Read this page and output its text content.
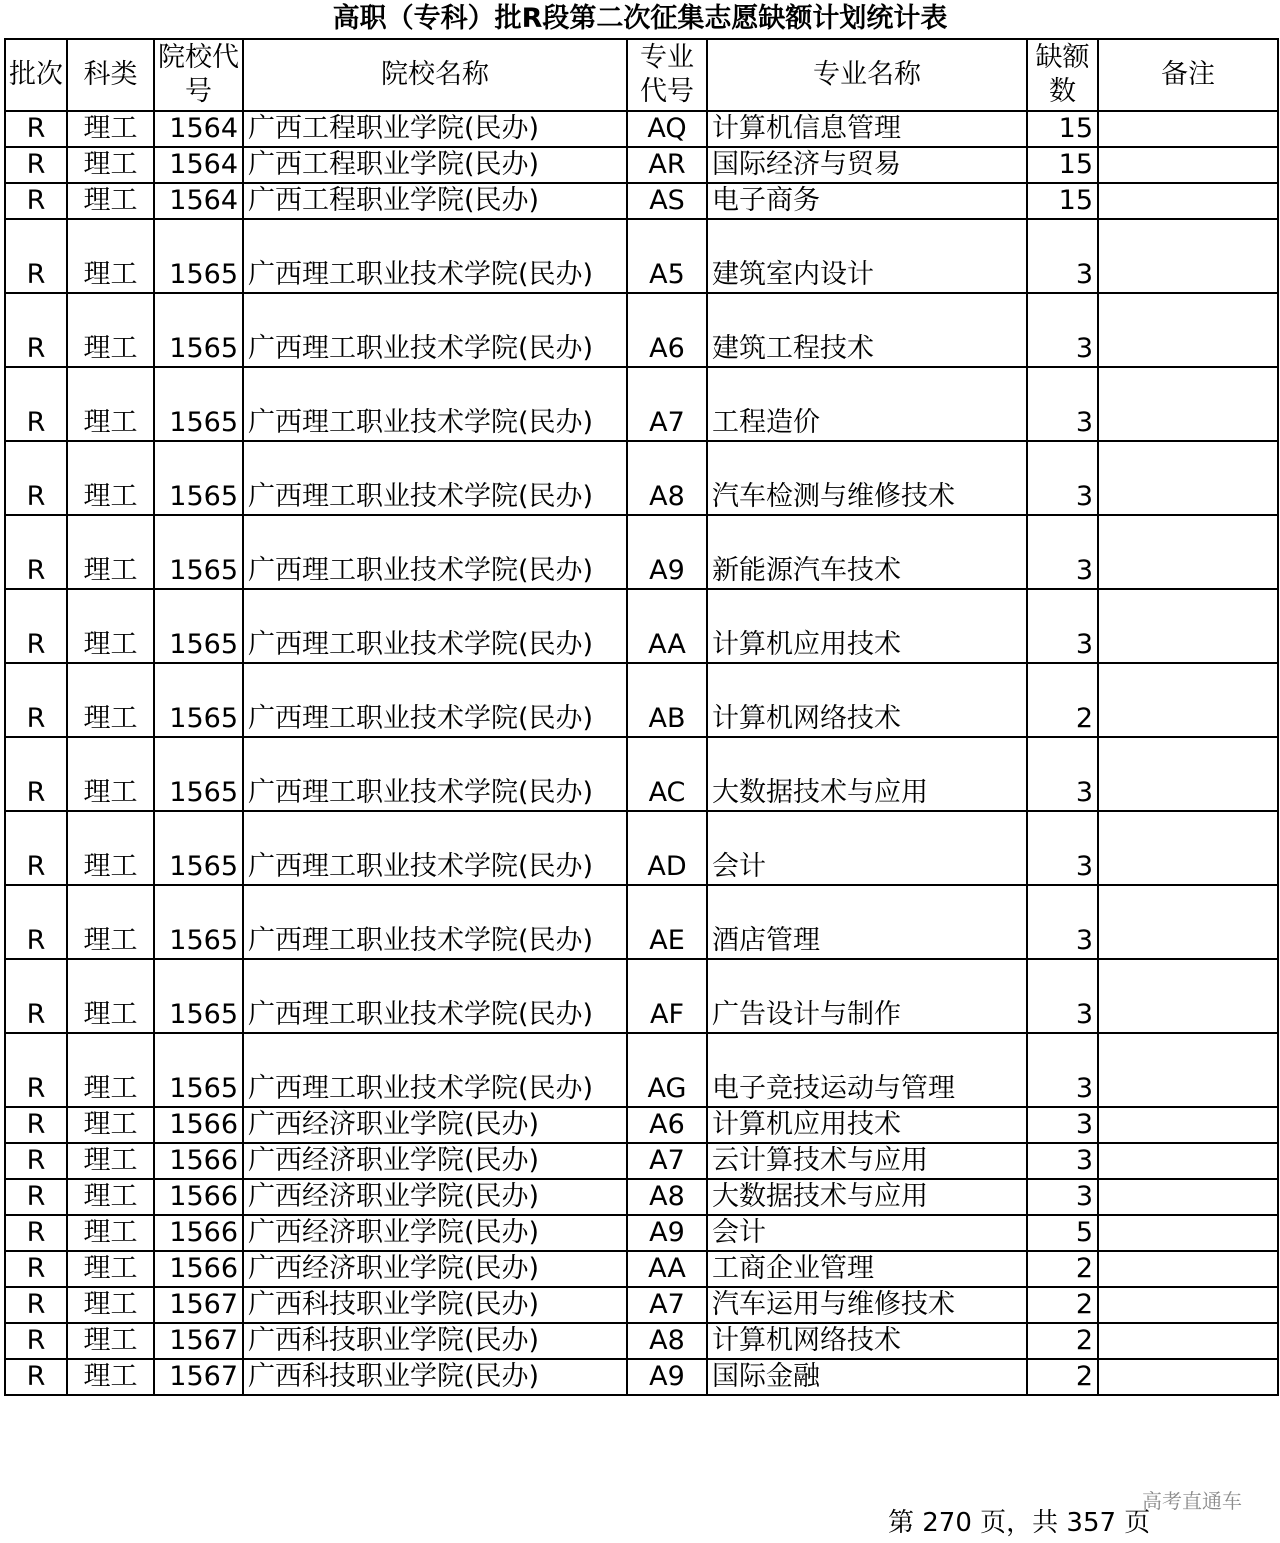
高职（专科）批R段第二次征集志愿缺额计划统计表
批次	科类	院校代号	院校名称	专业代号	专业名称	缺额数	备注
R	理工	1564	广西工程职业学院(民办)	AQ	计算机信息管理	15	
R	理工	1564	广西工程职业学院(民办)	AR	国际经济与贸易	15	
R	理工	1564	广西工程职业学院(民办)	AS	电子商务	15	
R	理工	1565	广西理工职业技术学院(民办)	A5	建筑室内设计	3	
R	理工	1565	广西理工职业技术学院(民办)	A6	建筑工程技术	3	
R	理工	1565	广西理工职业技术学院(民办)	A7	工程造价	3	
R	理工	1565	广西理工职业技术学院(民办)	A8	汽车检测与维修技术	3	
R	理工	1565	广西理工职业技术学院(民办)	A9	新能源汽车技术	3	
R	理工	1565	广西理工职业技术学院(民办)	AA	计算机应用技术	3	
R	理工	1565	广西理工职业技术学院(民办)	AB	计算机网络技术	2	
R	理工	1565	广西理工职业技术学院(民办)	AC	大数据技术与应用	3	
R	理工	1565	广西理工职业技术学院(民办)	AD	会计	3	
R	理工	1565	广西理工职业技术学院(民办)	AE	酒店管理	3	
R	理工	1565	广西理工职业技术学院(民办)	AF	广告设计与制作	3	
R	理工	1565	广西理工职业技术学院(民办)	AG	电子竞技运动与管理	3	
R	理工	1566	广西经济职业学院(民办)	A6	计算机应用技术	3	
R	理工	1566	广西经济职业学院(民办)	A7	云计算技术与应用	3	
R	理工	1566	广西经济职业学院(民办)	A8	大数据技术与应用	3	
R	理工	1566	广西经济职业学院(民办)	A9	会计	5	
R	理工	1566	广西经济职业学院(民办)	AA	工商企业管理	2	
R	理工	1567	广西科技职业学院(民办)	A7	汽车运用与维修技术	2	
R	理工	1567	广西科技职业学院(民办)	A8	计算机网络技术	2	
R	理工	1567	广西科技职业学院(民办)	A9	国际金融	2	
高考直通车
第 270 页，共 357 页
